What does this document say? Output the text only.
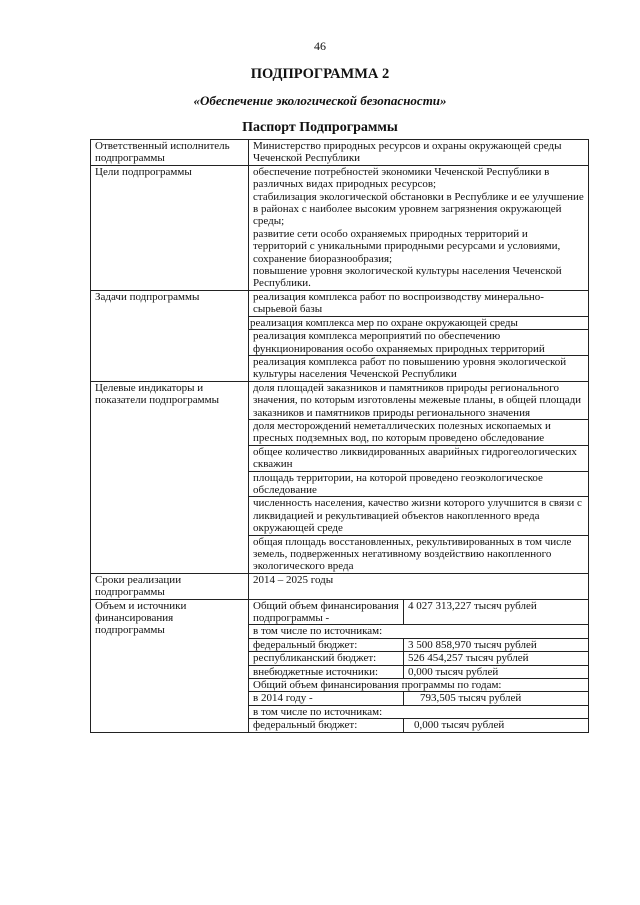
46
ПОДПРОГРАММА 2
«Обеспечение экологической безопасности»
Паспорт Подпрограммы
Ответственный исполнитель подпрограммы	Министерство природных ресурсов и охраны окружающей среды Чеченской Республики	
Цели подпрограммы	обеспечение потребностей экономики Чеченской Республики в различных видах природных ресурсов;
стабилизация экологической обстановки в Республике и ее улучшение в районах с наиболее высоким уровнем загрязнения окружающей среды;
развитие сети особо охраняемых природных территорий и территорий с уникальными природными ресурсами и условиями, сохранение биоразнообразия;
повышение уровня экологической культуры населения Чеченской Республики.	

Задачи подпрограммы	реализация комплекса работ по воспроизводству минерально-сырьевой базы	
	реализация комплекса мер по охране окружающей среды	
	реализация комплекса мероприятий по обеспечению функционирования особо охраняемых природных территорий	
	реализация комплекса работ по повышению уровня экологической культуры населения Чеченской Республики	
Целевые индикаторы и показатели подпрограммы	доля площадей заказников и памятников природы регионального значения, по которым изготовлены межевые планы, в общей площади заказников и памятников природы регионального значения	
	доля месторождений неметаллических полезных ископаемых и пресных подземных вод, по которым проведено обследование	
	общее количество ликвидированных аварийных гидрогеологических скважин	
	площадь территории, на которой проведено геоэкологическое обследование	
	численность населения, качество жизни которого улучшится в связи с ликвидацией и рекультивацией объектов накопленного вреда окружающей среде	
	общая площадь восстановленных, рекультивированных в том числе земель, подверженных негативному воздействию накопленного экологического вреда	
Сроки реализации подпрограммы	2014 – 2025 годы	
Объем и источники финансирования подпрограммы	Общий объем финансирования подпрограммы -	4 027 313,227 тысяч рублей
	в том числе по источникам:	
	федеральный бюджет:	3 500 858,970 тысяч рублей
	республиканский бюджет:	526 454,257 тысяч рублей
	внебюджетные источники:	0,000 тысяч рублей
	Общий объем финансирования программы по годам:	
	в 2014 году -	793,505 тысяч рублей
	в том числе по источникам:	
	федеральный бюджет:	0,000 тысяч рублей
